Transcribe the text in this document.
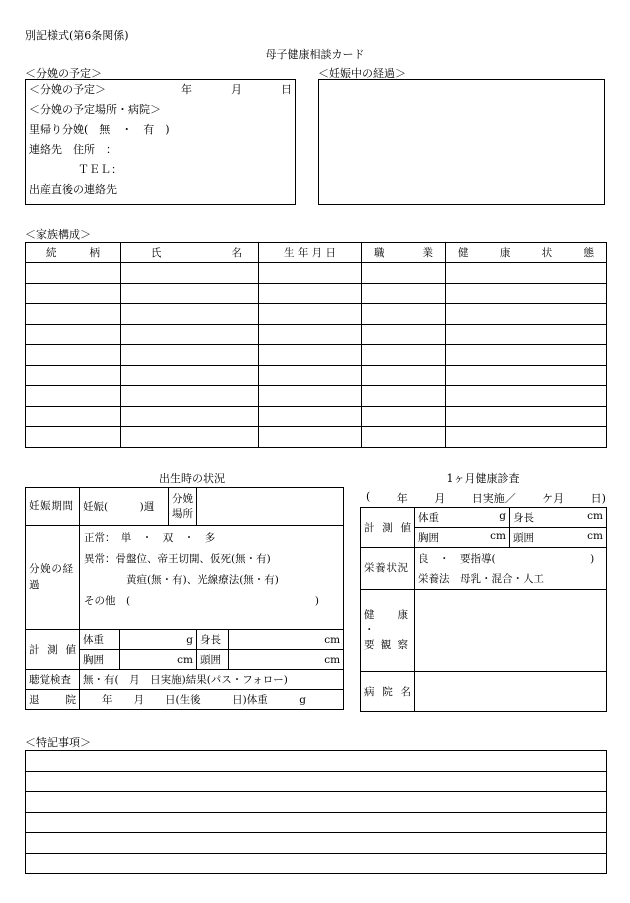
別記様式(第6条関係)
母子健康相談カード
＜分娩の予定＞
＜分娩の予定＞	年	月	日
＜分娩の予定場所・病院＞
里帰り分娩(　無　・　有　)
連絡先　住所　：
ＴＥＬ：
出産直後の連絡先
＜妊娠中の経過＞
＜家族構成＞
続 柄	氏 名	生 年 月 日	職 業	健 康 状 態

出生時の状況
妊娠期間	妊娠(　　　)週		分娩場所		

分娩の経過	正常：　単　・　双　・　多
異常：骨盤位、帝王切開、仮死(無・有)
黄疸(無・有)、光線療法(無・有)
その他　( )				

計測値	体重	g		身長	cm
	胸囲	cm		頭囲	cm
聴覚検査	無・有(　月　日実施)結果(パス・フォロー)				

退院	年　　月　　日(生後　　　日)体重　　　g				
1ヶ月健康診査
( 年 月 日実施／ ケ月 日)
計測値	体重 g	身長 cm

	胸囲 cm	頭囲 cm

栄養状況	良　・　要指導(　　　　　　　　　)
栄養法　母乳・混合・人工	

健康
・
要観察		

病院名		

＜特記事項＞
